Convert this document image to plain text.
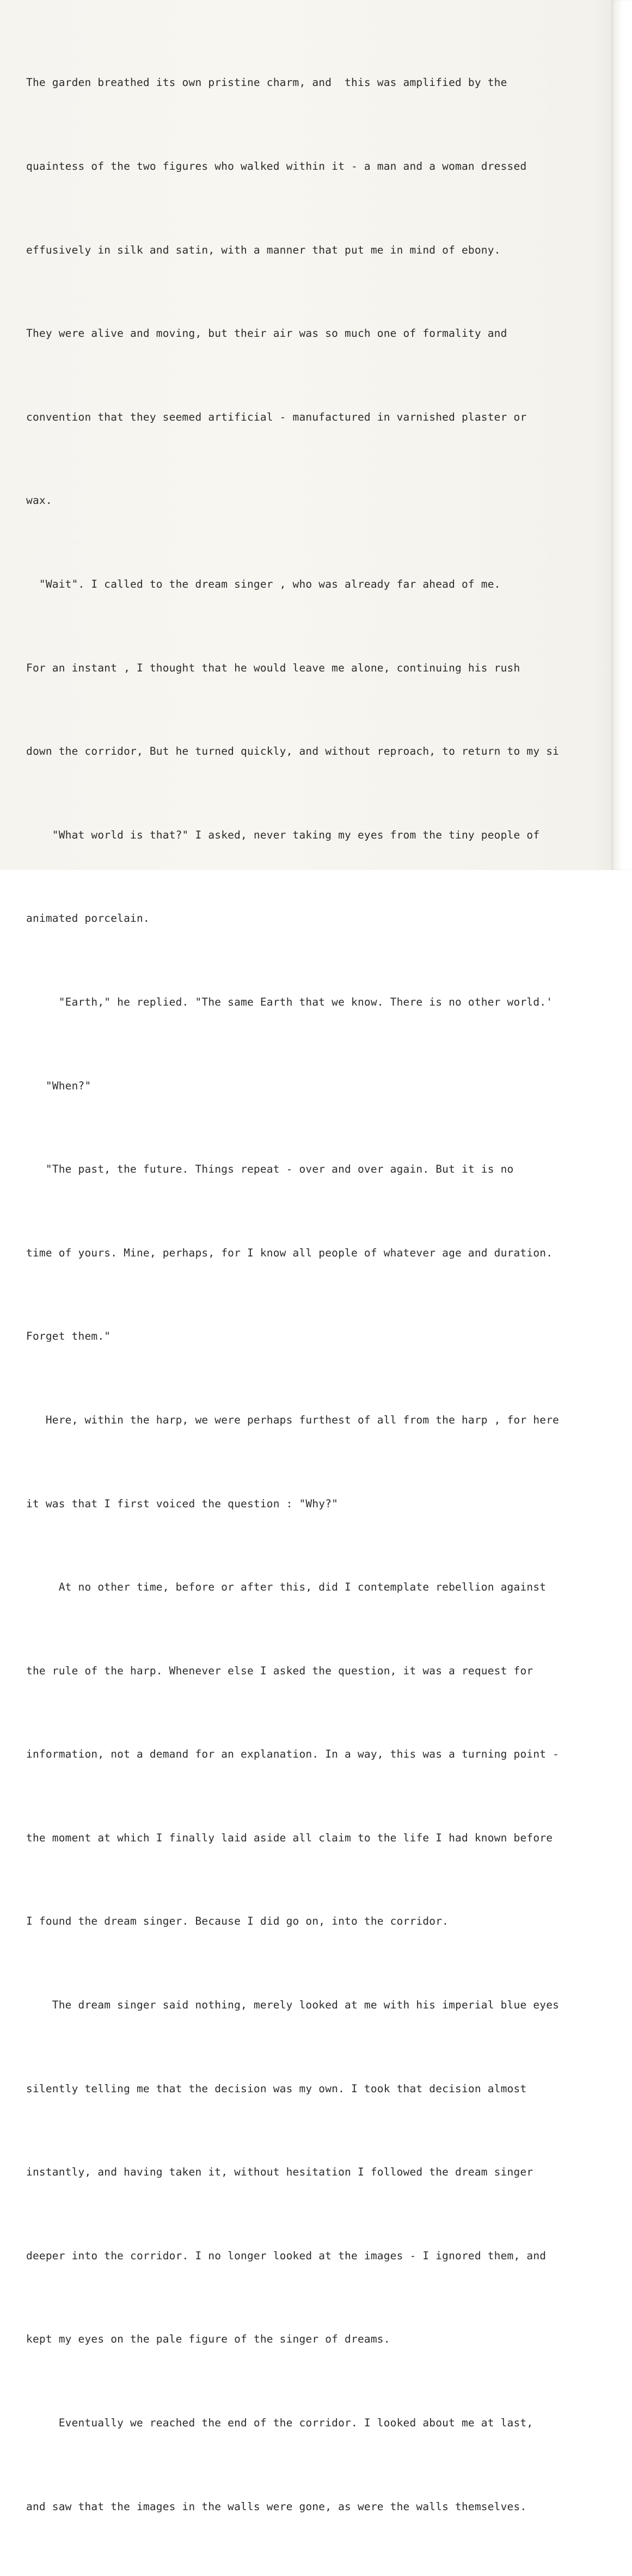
The garden breathed its own pristine charm, and  this was amplified by the

quaintess of the two figures who walked within it - a man and a woman dressed

effusively in silk and satin, with a manner that put me in mind of ebony.

They were alive and moving, but their air was so much one of formality and

convention that they seemed artificial - manufactured in varnished plaster or

wax.

"Wait". I called to the dream singer , who was already far ahead of me.

For an instant , I thought that he would leave me alone, continuing his rush

down the corridor, But he turned quickly, and without reproach, to return to my si

"What world is that?" I asked, never taking my eyes from the tiny people of

animated porcelain.

"Earth," he replied. "The same Earth that we know. There is no other world.'

"When?"

"The past, the future. Things repeat - over and over again. But it is no

time of yours. Mine, perhaps, for I know all people of whatever age and duration.

Forget them."

Here, within the harp, we were perhaps furthest of all from the harp , for here

it was that I first voiced the question : "Why?"

At no other time, before or after this, did I contemplate rebellion against

the rule of the harp. Whenever else I asked the question, it was a request for

information, not a demand for an explanation. In a way, this was a turning point -

the moment at which I finally laid aside all claim to the life I had known before

I found the dream singer. Because I did go on, into the corridor.

The dream singer said nothing, merely looked at me with his imperial blue eyes

silently telling me that the decision was my own. I took that decision almost

instantly, and having taken it, without hesitation I followed the dream singer

deeper into the corridor. I no longer looked at the images - I ignored them, and

kept my eyes on the pale figure of the singer of dreams.

Eventually we reached the end of the corridor. I looked about me at last,

and saw that the images in the walls were gone, as were the walls themselves.
